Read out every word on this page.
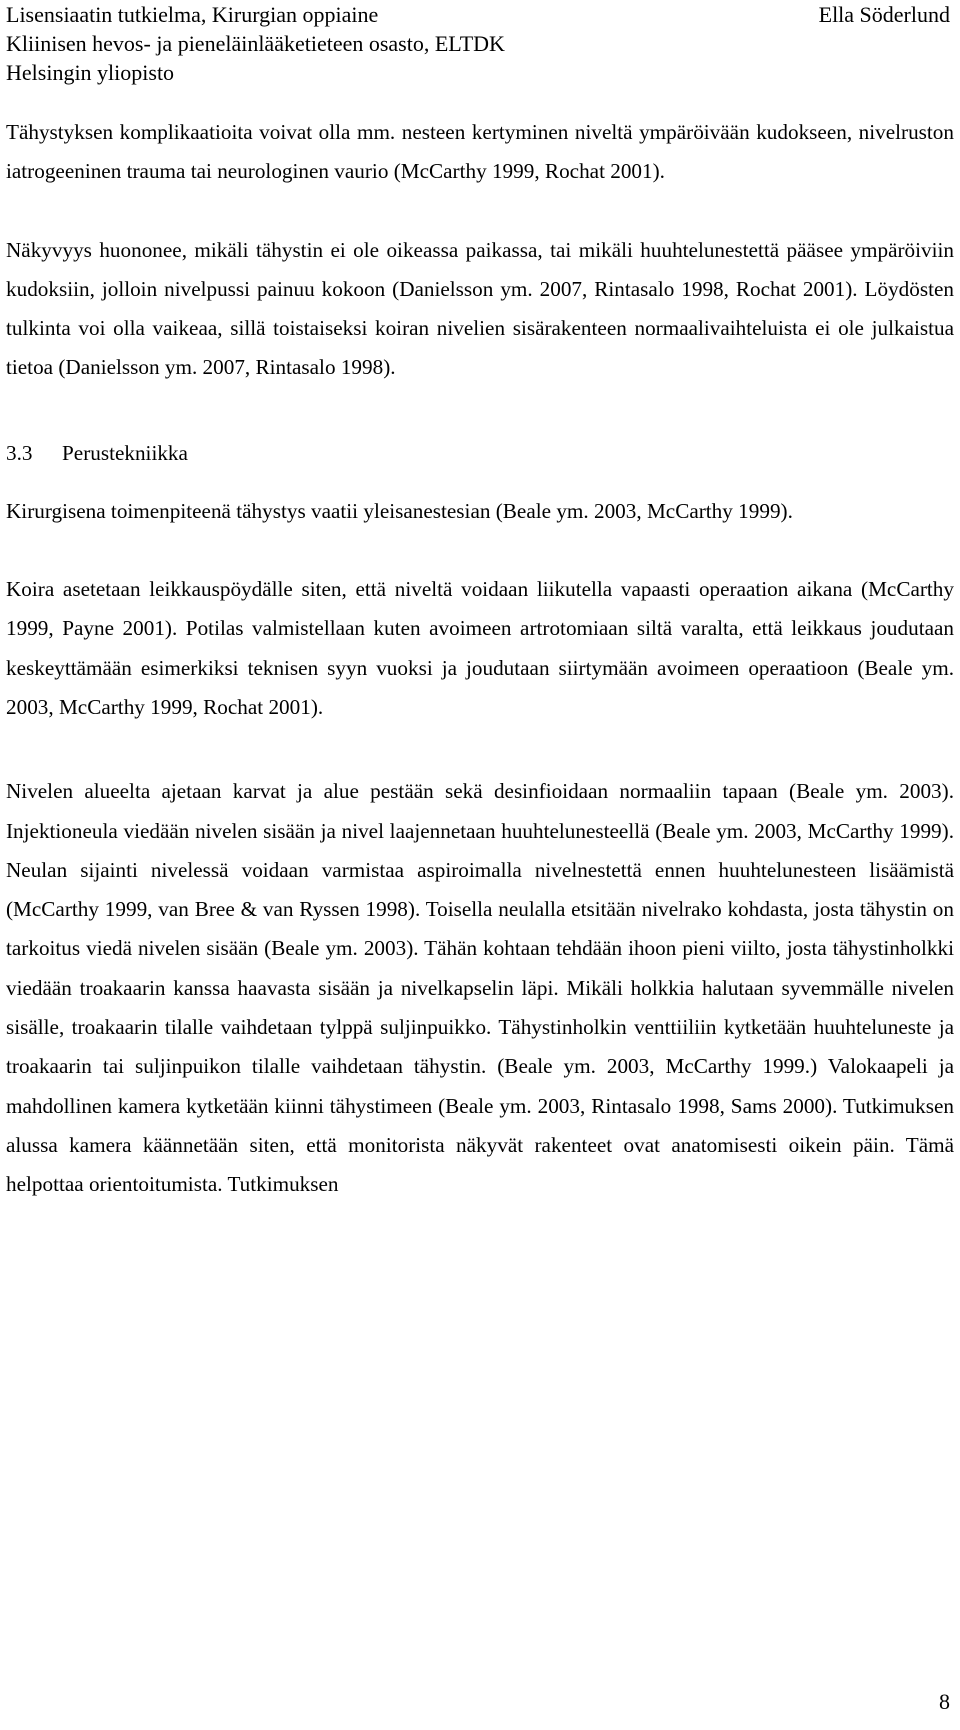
Lisensiaatin tutkielma, Kirurgian oppiaine	Ella Söderlund
Kliinisen hevos- ja pieneläinlääketieteen osasto, ELTDK
Helsingin yliopisto

Tähystyksen komplikaatioita voivat olla mm. nesteen kertyminen niveltä ympäröivään kudokseen, nivelruston iatrogeeninen trauma tai neurologinen vaurio (McCarthy 1999, Rochat 2001).

Näkyvyys huononee, mikäli tähystin ei ole oikeassa paikassa, tai mikäli huuhtelunestettä pääsee ympäröiviin kudoksiin, jolloin nivelpussi painuu kokoon (Danielsson ym. 2007, Rintasalo 1998, Rochat 2001). Löydösten tulkinta voi olla vaikeaa, sillä toistaiseksi koiran nivelien sisärakenteen normaalivaihteluista ei ole julkaistua tietoa (Danielsson ym. 2007, Rintasalo 1998).

3.3	Perustekniikka

Kirurgisena toimenpiteenä tähystys vaatii yleisanestesian (Beale ym. 2003, McCarthy 1999).

Koira asetetaan leikkauspöydälle siten, että niveltä voidaan liikutella vapaasti operaation aikana (McCarthy 1999, Payne 2001). Potilas valmistellaan kuten avoimeen artrotomiaan siltä varalta, että leikkaus joudutaan keskeyttämään esimerkiksi teknisen syyn vuoksi ja joudutaan siirtymään avoimeen operaatioon (Beale ym. 2003, McCarthy 1999, Rochat 2001).

Nivelen alueelta ajetaan karvat ja alue pestään sekä desinfioidaan normaaliin tapaan (Beale ym. 2003). Injektioneula viedään nivelen sisään ja nivel laajennetaan huuhtelunesteellä (Beale ym. 2003, McCarthy 1999). Neulan sijainti nivelessä voidaan varmistaa aspiroimalla nivelnestettä ennen huuhtelunesteen lisäämistä (McCarthy 1999, van Bree & van Ryssen 1998). Toisella neulalla etsitään nivelrako kohdasta, josta tähystin on tarkoitus viedä nivelen sisään (Beale ym. 2003). Tähän kohtaan tehdään ihoon pieni viilto, josta tähystinholkki viedään troakaarin kanssa haavasta sisään ja nivelkapselin läpi. Mikäli holkkia halutaan syvemmälle nivelen sisälle, troakaarin tilalle vaihdetaan tylppä suljinpuikko. Tähystinholkin venttiiliin kytketään huuhteluneste ja troakaarin tai suljinpuikon tilalle vaihdetaan tähystin. (Beale ym. 2003, McCarthy 1999.) Valokaapeli ja mahdollinen kamera kytketään kiinni tähystimeen (Beale ym. 2003, Rintasalo 1998, Sams 2000). Tutkimuksen alussa kamera käännetään siten, että monitorista näkyvät rakenteet ovat anatomisesti oikein päin. Tämä helpottaa orientoitumista. Tutkimuksen

8
